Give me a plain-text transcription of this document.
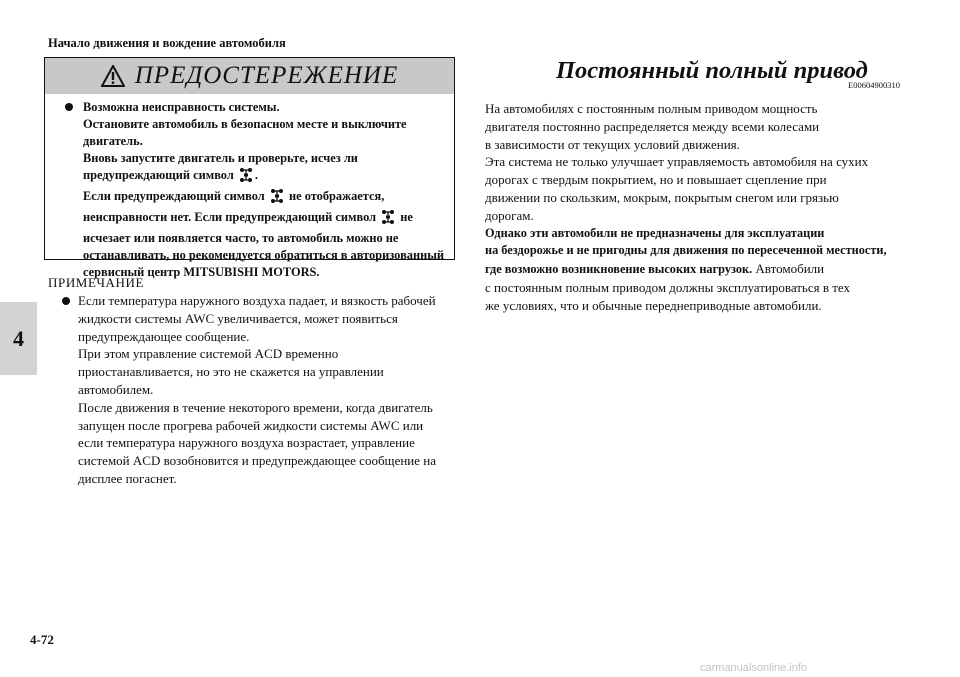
Начало движения и вождение автомобиля
4
ПРЕДОСТЕРЕЖЕНИЕ
Возможна неисправность системы.
Остановите автомобиль в безопасном месте и выключите
двигатель.
Вновь запустите двигатель и проверьте, исчез ли
предупреждающий символ .
Если предупреждающий символ не отображается,
неисправности нет. Если предупреждающий символ не
исчезает или появляется часто, то автомобиль можно не
останавливать, но рекомендуется обратиться в авторизованный
сервисный центр MITSUBISHI MOTORS.
ПРИМЕЧАНИЕ
Если температура наружного воздуха падает, и вязкость рабочей
жидкости системы AWC увеличивается, может появиться
предупреждающее сообщение.
При этом управление системой ACD временно
приостанавливается, но это не скажется на управлении
автомобилем.
После движения в течение некоторого времени, когда двигатель
запущен после прогрева рабочей жидкости системы AWC или
если температура наружного воздуха возрастает, управление
системой ACD возобновится и предупреждающее сообщение на
дисплее погаснет.
Постоянный полный привод
E00604900310
На автомобилях с постоянным полным приводом мощность
двигателя постоянно распределяется между всеми колесами
в зависимости от текущих условий движения.
Эта система не только улучшает управляемость автомобиля на сухих
дорогах с твердым покрытием, но и повышает сцепление при
движении по скользким, мокрым, покрытым снегом или грязью
дорогам.
Однако эти автомобили не предназначены для эксплуатации
на бездорожье и не пригодны для движения по пересеченной местности,
где возможно возникновение высоких нагрузок. Автомобили
с постоянным полным приводом должны эксплуатироваться в тех
же условиях, что и обычные переднеприводные автомобили.
4-72
carmanualsonline.info
